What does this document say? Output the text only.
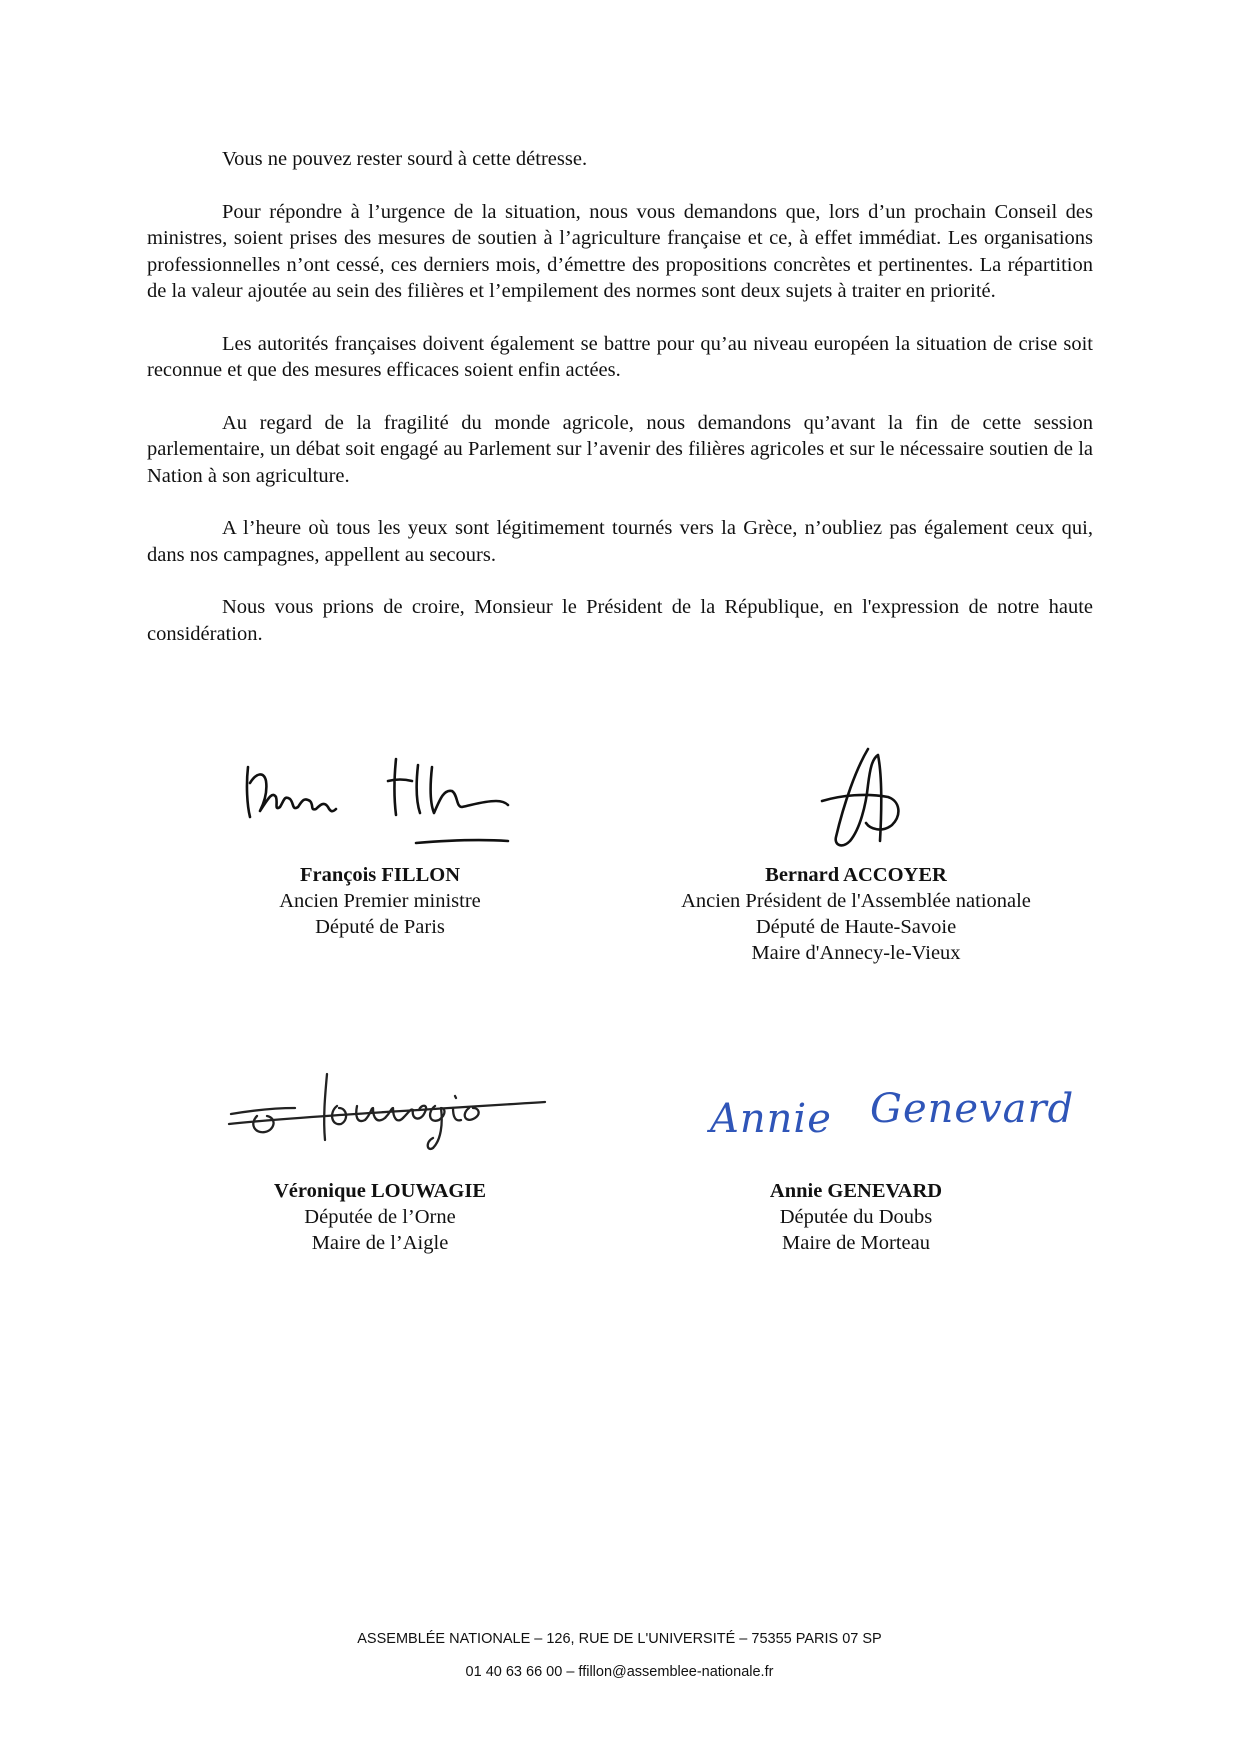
Vous ne pouvez rester sourd à cette détresse.

Pour répondre à l’urgence de la situation, nous vous demandons que, lors d’un prochain Conseil des ministres, soient prises des mesures de soutien à l’agriculture française et ce, à effet immédiat. Les organisations professionnelles n’ont cessé, ces derniers mois, d’émettre des propositions concrètes et pertinentes. La répartition de la valeur ajoutée au sein des filières et l’empilement des normes sont deux sujets à traiter en priorité.

Les autorités françaises doivent également se battre pour qu’au niveau européen la situation de crise soit reconnue et que des mesures efficaces soient enfin actées.

Au regard de la fragilité du monde agricole, nous demandons qu’avant la fin de cette session parlementaire, un débat soit engagé au Parlement sur l’avenir des filières agricoles et sur le nécessaire soutien de la Nation à son agriculture.

A l’heure où tous les yeux sont légitimement tournés vers la Grèce, n’oubliez pas également ceux qui, dans nos campagnes, appellent au secours.

Nous vous prions de croire, Monsieur le Président de la République, en l'expression de notre haute considération.

Annie Genevard
François FILLON
Ancien Premier ministre
Député de Paris
Bernard ACCOYER
Ancien Président de l'Assemblée nationale
Député de Haute-Savoie
Maire d'Annecy-le-Vieux
Véronique LOUWAGIE
Députée de l’Orne
Maire de l’Aigle
Annie GENEVARD
Députée du Doubs
Maire de Morteau
ASSEMBLÉE NATIONALE – 126, RUE DE L'UNIVERSITÉ – 75355 PARIS 07 SP
01 40 63 66 00 – ffillon@assemblee-nationale.fr
